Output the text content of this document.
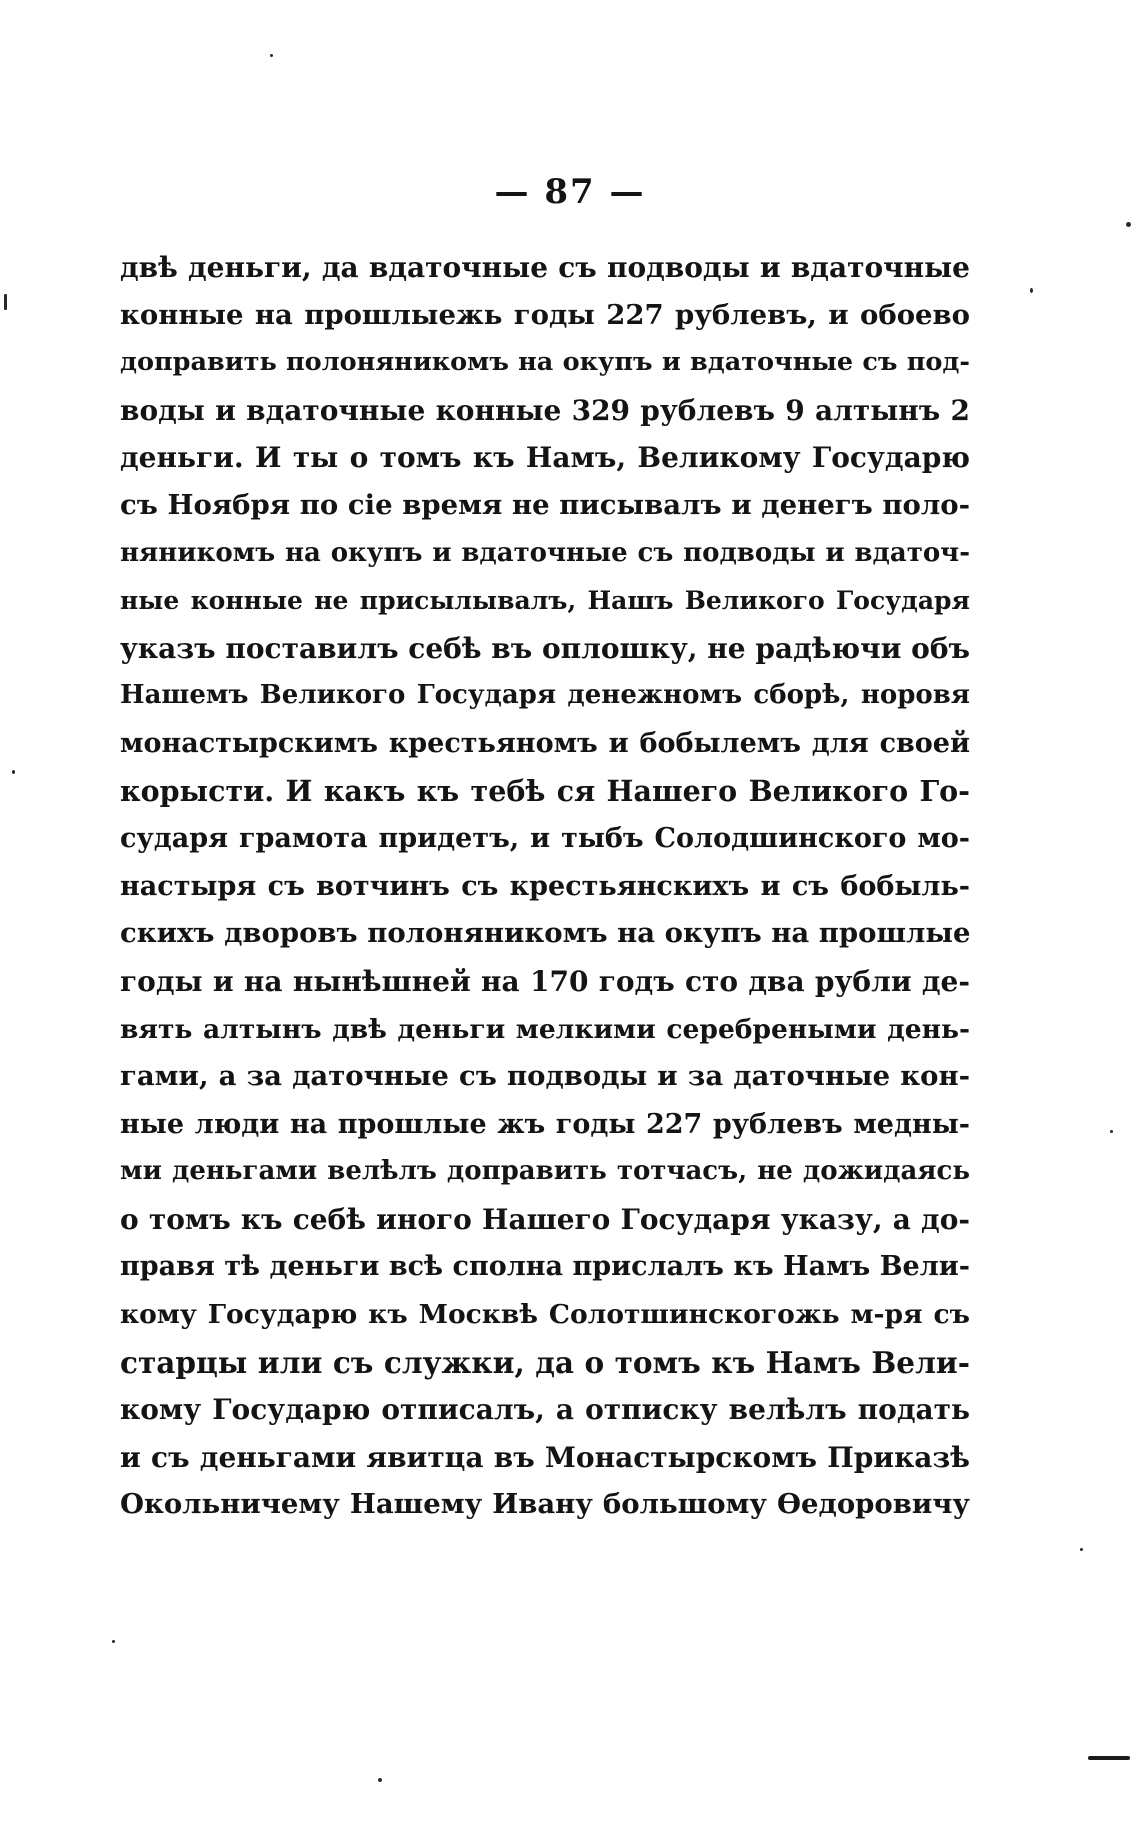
— 87 —
двѣ деньги, да вдаточные съ подводы и вдаточные
конные на прошлыежь годы 227 рублевъ, и обоево
доправить полоняникомъ на окупъ и вдаточные съ под-
воды и вдаточные конные 329 рублевъ 9 алтынъ 2
деньги. И ты о томъ къ Намъ, Великому Государю
съ Ноября по сіе время не писывалъ и денегъ поло-
няникомъ на окупъ и вдаточные съ подводы и вдаточ-
ные конные не присылывалъ, Нашъ Великого Государя
указъ поставилъ себѣ въ оплошку, не радѣючи объ
Нашемъ Великого Государя денежномъ сборѣ, норовя
монастырскимъ крестьяномъ и бобылемъ для своей
корысти. И какъ къ тебѣ ся Нашего Великого Го-
сударя грамота придетъ, и тыбъ Солодшинского мо-
настыря съ вотчинъ съ крестьянскихъ и съ бобыль-
скихъ дворовъ полоняникомъ на окупъ на прошлые
годы и на нынѣшней на 170 годъ сто два рубли де-
вять алтынъ двѣ деньги мелкими серебреными день-
гами, а за даточные съ подводы и за даточные кон-
ные люди на прошлые жъ годы 227 рублевъ медны-
ми деньгами велѣлъ доправить тотчасъ, не дожидаясь
о томъ къ себѣ иного Нашего Государя указу, а до-
правя тѣ деньги всѣ сполна прислалъ къ Намъ Вели-
кому Государю къ Москвѣ Солотшинскогожь м-ря съ
старцы или съ служки, да о томъ къ Намъ Вели-
кому Государю отписалъ, а отписку велѣлъ подать
и съ деньгами явитца въ Монастырскомъ Приказѣ
Окольничему Нашему Ивану большому Ѳедоровичу
